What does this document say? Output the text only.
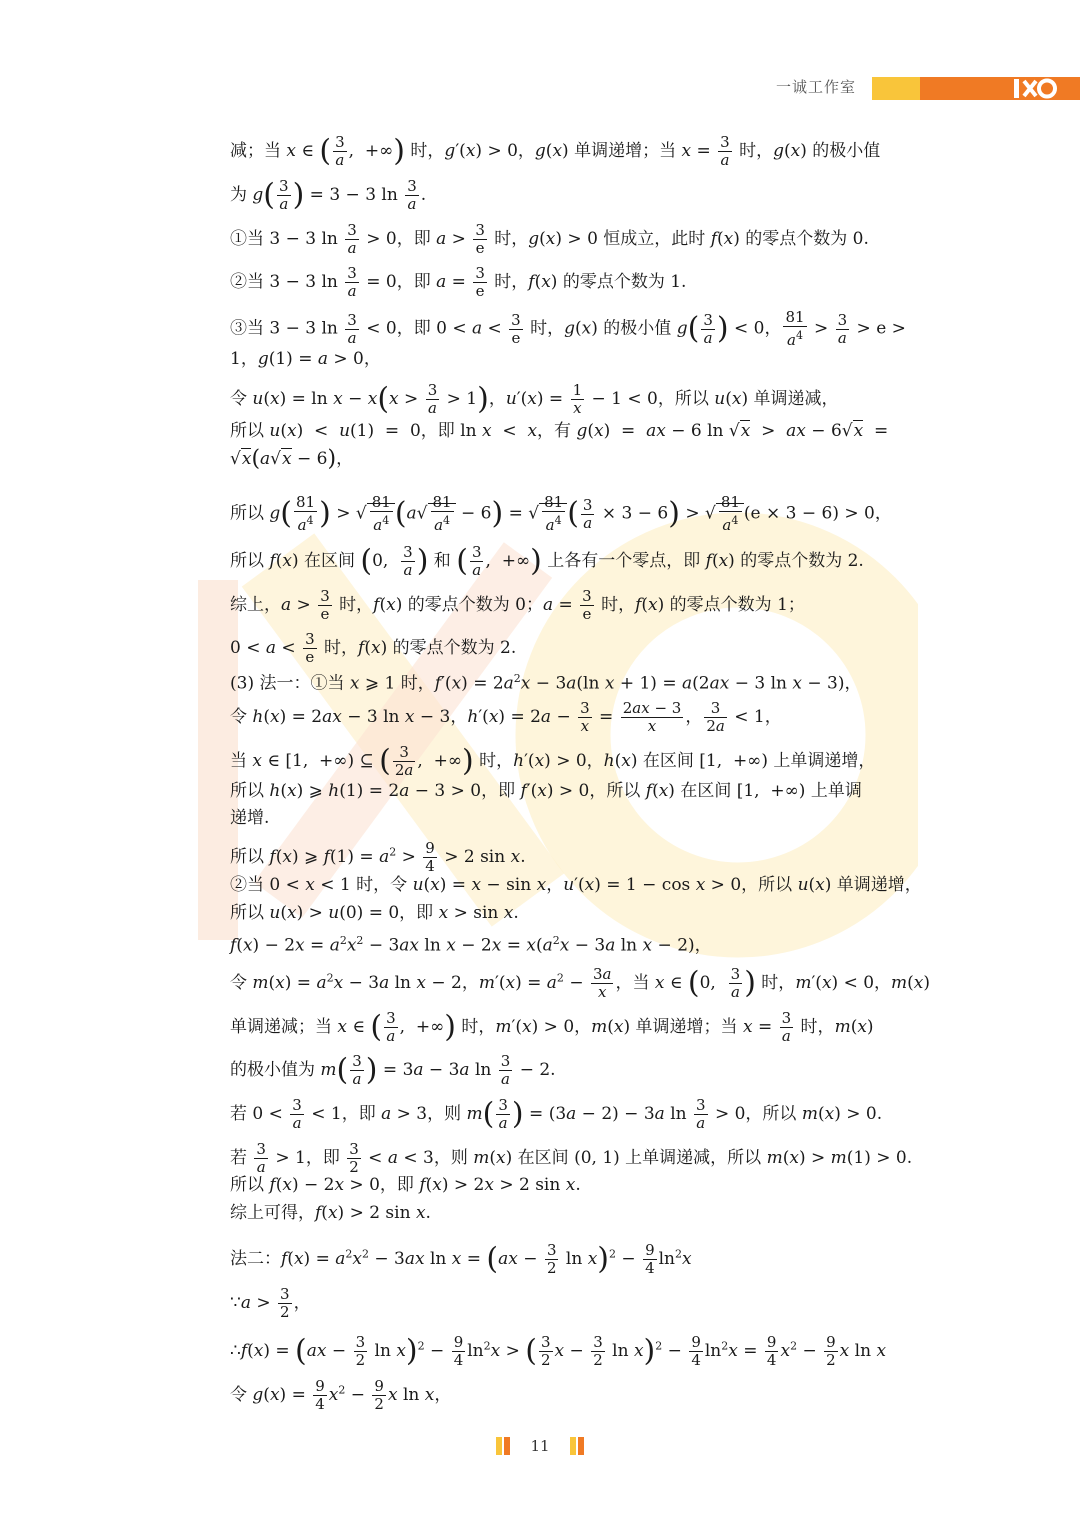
一诚工作室
减；当 x ∈ ( $\frac{3}{a}$ ,  +∞) 时，g′(x) > 0，g(x) 单调递增；当 $x = \frac{3}{a}$ 时，g(x) 的极小值
为 $g( \frac{3}{a}$ ) = 3 − 3 $\ln \frac{3}{a}$ .
①当 3 − 3 $\ln \frac{3}{a} > 0$，即 $a > \frac{3}{e}$ 时，g(x) > 0 恒成立，此时 f(x) 的零点个数为 0.
②当 3 − 3 $\ln \frac{3}{a} = 0$，即 $a = \frac{3}{e}$ 时，f(x) 的零点个数为 1.
③当 3 − 3 $\ln \frac{3}{a} < 0$，即 $0 < a < \frac{3}{e}$ 时，g(x) 的极小值 $g( \frac{3}{a}$ ) < 0， $\frac{81}{a^4} > \frac{3}{a} > e$ >
1，g(1) = a > 0，
令 $u(x) = \ln x - x(x > \frac{3}{a} > 1)$，$u'(x) = \frac{1}{x} - 1 < 0$，所以 u(x) 单调递减，
所以 u(x)  <  u(1)  =  0，即 ln x  <  x，有 g(x)  =  ax − 6 ln √x  >  ax − 6√x  =
√x(a√x − 6)，
所以 $g( \frac{81}{a^4}$ ) > √ $\frac{81}{a^4} (a√ \frac{81}{a^4} - 6)$ = √ $\frac{81}{a^4}$ ( $\frac{3}{a} \times 3 - 6$) > √ $\frac{81}{a^4} (e \times 3 - 6) > 0$，
所以 f(x) 在区间 (0, $\frac{3}{a}$ ) 和 ( $\frac{3}{a}$ ,  +∞) 上各有一个零点，即 f(x) 的零点个数为 2.
综上，$a > \frac{3}{e}$ 时，f(x) 的零点个数为 0；$a = \frac{3}{e}$ 时，f(x) 的零点个数为 1；
$0 < a < \frac{3}{e}$ 时，f(x) 的零点个数为 2.
(3) 法一：①当 x ⩾ 1 时，$f'(x) = 2a^2x - 3a(\ln$ x + 1) = a(2ax − 3 ln x − 3)，
令 h(x) = 2ax − 3 ln x − 3，$h'(x) = 2a - \frac{3}{x} = \frac{2ax - 3}{x}$ ， $\frac{3}{2a} < 1$，
当 x ∈ [1,  +∞) ⊆ ( $\frac{3}{2a}$ ,  +∞) 时，h′(x) > 0，h(x) 在区间 [1,  +∞) 上单调递增，
所以 h(x) ⩾ h(1) = 2a − 3 > 0，即 f′(x) > 0，所以 f(x) 在区间 [1,  +∞) 上单调
递增.
所以 f(x) ⩾ $f(1) = a^2 > \frac{9}{4} > 2$ sin x.
②当 0 < x < 1 时，令 u(x) = x − sin x，u′(x) = 1 − cos x > 0，所以 u(x) 单调递增，
所以 u(x) > u(0) = 0，即 x > sin x.
$f(x) - 2x = a^2x^2 - 3ax$ $\ln x - 2x = x(a^2x - 3a$ ln x − 2)，
令 $m(x) = a^2x - 3a$ ln x − 2，$m'(x) = a^2 - \frac{3a}{x}$ ，当 x ∈ (0, $\frac{3}{a}$ ) 时，m′(x) < 0，m(x)
单调递减；当 x ∈ ( $\frac{3}{a}$ ,  +∞) 时，m′(x) > 0，m(x) 单调递增；当 $x = \frac{3}{a}$ 时，m(x)
的极小值为 $m( \frac{3}{a}$ ) = 3a − 3a $\ln \frac{3}{a} - 2$.
若 $0 < \frac{3}{a} < 1$，即 a > 3，则 $m( \frac{3}{a}$ ) = (3a − 2) − 3a $\ln \frac{3}{a} > 0$，所以 m(x) > 0.
若 $\frac{3}{a} > 1$，即 $\frac{3}{2} < a < 3$，则 m(x) 在区间 (0, 1) 上单调递减，所以 m(x) > m(1) > 0.
所以 f(x) − 2x > 0，即 f(x) > 2x > 2 sin x.
综上可得，f(x) > 2 sin x.
法二：$f(x) = a^2x^2 - 3ax$ $\ln x = (ax - \frac{3}{2}$ $\ln x)^2 - \frac{9}{4} \ln^2x$
∵a > $\frac{3}{2}$ ，
∴f(x) = ($ax - \frac{3}{2}$ $\ln x)^2 - \frac{9}{4} \ln^2x$ > ( $\frac{3}{2}$ $x - \frac{3}{2}$ $\ln x)^2 - \frac{9}{4} \ln^2x = \frac{9}{4} x^2 - \frac{9}{2}$ x ln x
令 $g(x) = \frac{9}{4} x^2 - \frac{9}{2}$ x ln x，
11
